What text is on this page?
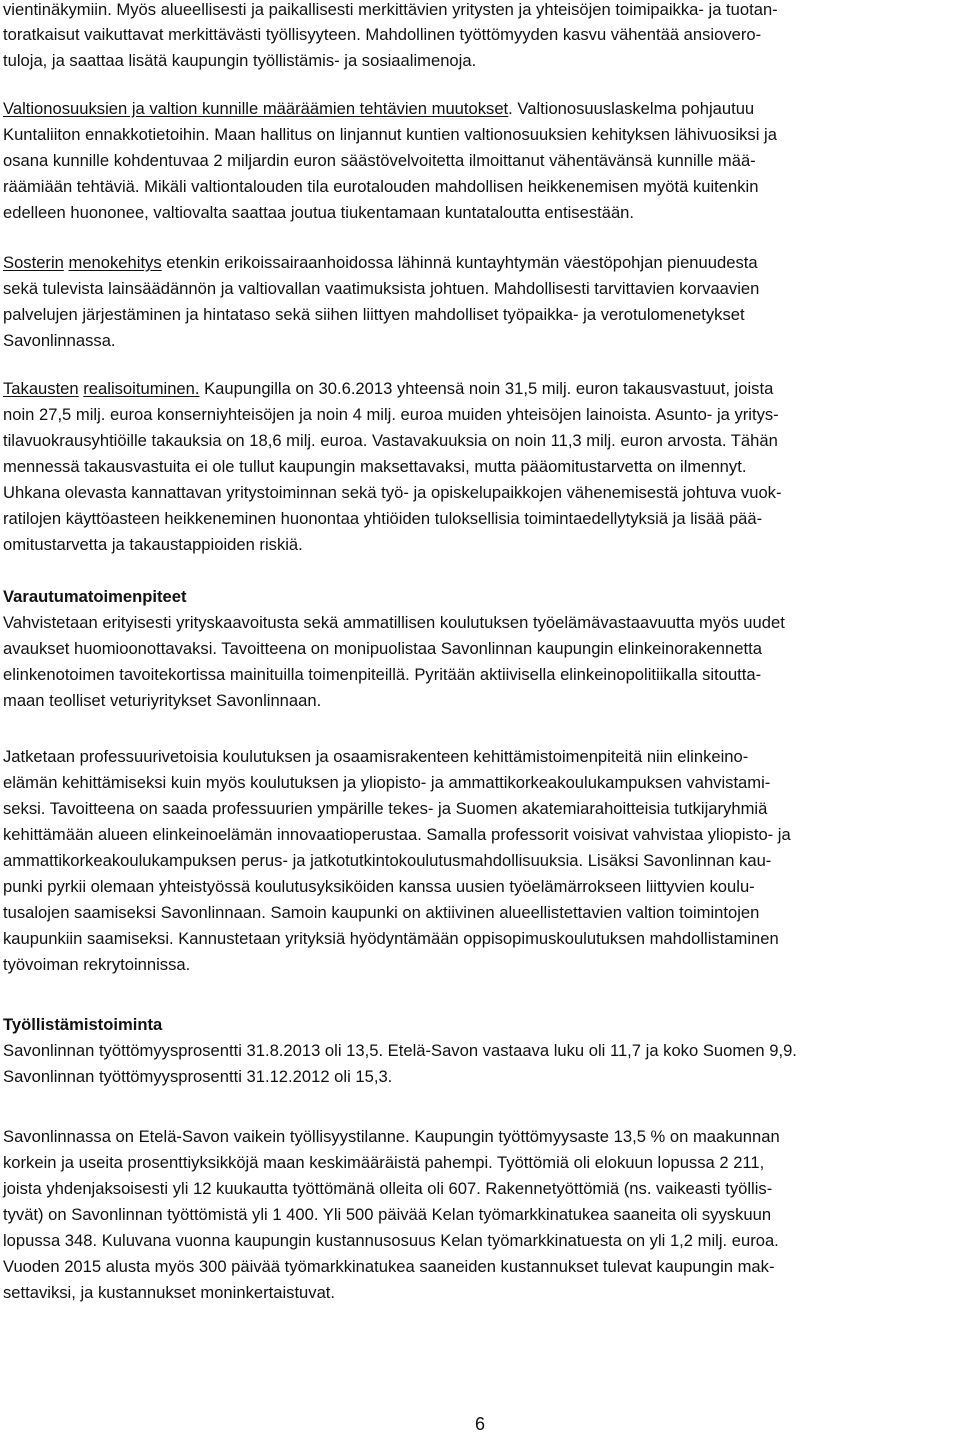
vientinäkymiin. Myös alueellisesti ja paikallisesti merkittävien yritysten ja yhteisöjen toimipaikka- ja tuotan-
toratkaisut vaikuttavat merkittävästi työllisyyteen. Mahdollinen työttömyyden kasvu vähentää ansiovero-
tuloja, ja saattaa lisätä kaupungin työllistämis- ja sosiaalimenoja.
Valtionosuuksien ja valtion kunnille määräämien tehtävien muutokset. Valtionosuuslaskelma pohjautuu
Kuntaliiton ennakkotietoihin. Maan hallitus on linjannut kuntien valtionosuuksien kehityksen lähivuosiksi ja
osana kunnille kohdentuvaa 2 miljardin euron säästövelvoitetta ilmoittanut vähentävänsä kunnille mää-
räämiään tehtäviä. Mikäli valtiontalouden tila eurotalouden mahdollisen heikkenemisen myötä kuitenkin
edelleen huononee, valtiovalta saattaa joutua tiukentamaan kuntataloutta entisestään.
Sosterin menokehitys etenkin erikoissairaanhoidossa lähinnä kuntayhtymän väestöpohjan pienuudesta
sekä tulevista lainsäädännön ja valtiovallan vaatimuksista johtuen. Mahdollisesti tarvittavien korvaavien
palvelujen järjestäminen ja hintataso sekä siihen liittyen mahdolliset työpaikka- ja verotulomenetykset
Savonlinnassa.
Takausten realisoituminen. Kaupungilla on 30.6.2013 yhteensä noin 31,5 milj. euron takausvastuut, joista
noin 27,5 milj. euroa konserniyhteisöjen ja noin 4 milj. euroa muiden yhteisöjen lainoista. Asunto- ja yritys-
tilavuokrausyhtiöille takauksia on 18,6 milj. euroa. Vastavakuuksia on noin 11,3 milj. euron arvosta. Tähän
mennessä takausvastuita ei ole tullut kaupungin maksettavaksi, mutta pääomitustarvetta on ilmennyt.
Uhkana olevasta kannattavan yritystoiminnan sekä työ- ja opiskelupaikkojen vähenemisestä johtuva vuok-
ratilojen käyttöasteen heikkeneminen huonontaa yhtiöiden tuloksellisia toimintaedellytyksiä ja lisää pää-
omitustarvetta ja takaustappioiden riskiä.
Varautumatoimenpiteet
Vahvistetaan erityisesti yrityskaavoitusta sekä ammatillisen koulutuksen työelämävastaavuutta myös uudet
avaukset huomioonottavaksi. Tavoitteena on monipuolistaa Savonlinnan kaupungin elinkeinorakennetta
elinkenotoimen tavoitekortissa mainituilla toimenpiteillä. Pyritään aktiivisella elinkeinopolitiikalla sitoutta-
maan teolliset veturiyritykset Savonlinnaan.
Jatketaan professuurivetoisia koulutuksen ja osaamisrakenteen kehittämistoimenpiteitä niin elinkeino-
elämän kehittämiseksi kuin myös koulutuksen ja yliopisto- ja ammattikorkeakoulukampuksen vahvistami-
seksi. Tavoitteena on saada professuurien ympärille tekes- ja Suomen akatemiarahoitteisia tutkijaryhmiä
kehittämään alueen elinkeinoelämän innovaatioperustaa. Samalla professorit voisivat vahvistaa yliopisto- ja
ammattikorkeakoulukampuksen perus- ja jatkotutkintokoulutusmahdollisuuksia. Lisäksi Savonlinnan kau-
punki pyrkii olemaan yhteistyössä koulutusyksiköiden kanssa uusien työelämärrokseen liittyvien koulu-
tusalojen saamiseksi Savonlinnaan. Samoin kaupunki on aktiivinen alueellistettavien valtion toimintojen
kaupunkiin saamiseksi. Kannustetaan yrityksiä hyödyntämään oppisopimuskoulutuksen mahdollistaminen
työvoiman rekrytoinnissa.
Työllistämistoiminta
Savonlinnan työttömyysprosentti 31.8.2013 oli 13,5. Etelä-Savon vastaava luku oli 11,7 ja koko Suomen 9,9.
Savonlinnan työttömyysprosentti 31.12.2012 oli 15,3.
Savonlinnassa on Etelä-Savon vaikein työllisyystilanne. Kaupungin työttömyysaste 13,5 % on maakunnan
korkein ja useita prosenttiyksikköjä maan keskimääräistä pahempi. Työttömiä oli elokuun lopussa 2 211,
joista yhdenjaksoisesti yli 12 kuukautta työttömänä olleita oli 607. Rakennetyöttömiä (ns. vaikeasti työllis-
tyvät) on Savonlinnan työttömistä yli 1 400. Yli 500 päivää Kelan työmarkkinatukea saaneita oli syyskuun
lopussa 348. Kuluvana vuonna kaupungin kustannusosuus Kelan työmarkkinatuesta on yli 1,2 milj. euroa.
Vuoden 2015 alusta myös 300 päivää työmarkkinatukea saaneiden kustannukset tulevat kaupungin mak-
settaviksi, ja kustannukset moninkertaistuvat.
6
